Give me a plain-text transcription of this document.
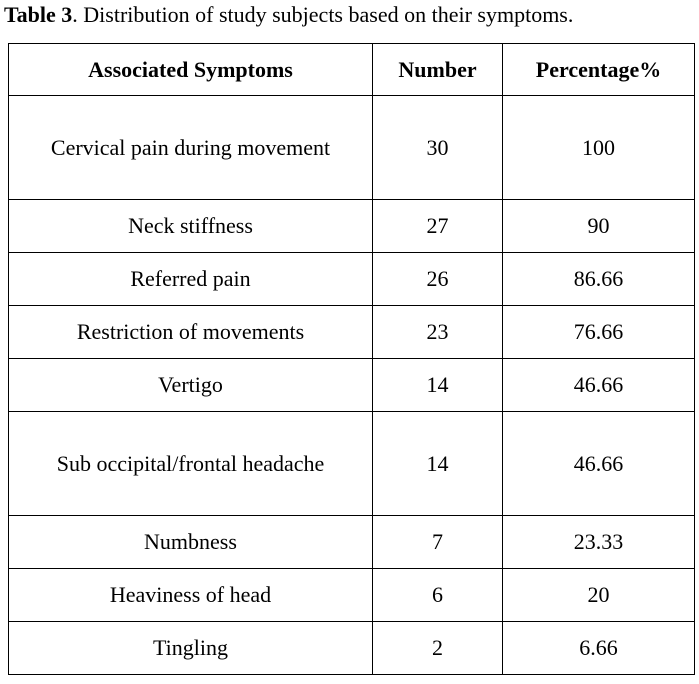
Table 3. Distribution of study subjects based on their symptoms.
Associated Symptoms	Number	Percentage%
Cervical pain during movement	30	100
Neck stiffness	27	90
Referred pain	26	86.66
Restriction of movements	23	76.66
Vertigo	14	46.66
Sub occipital/frontal headache	14	46.66
Numbness	7	23.33
Heaviness of head	6	20
Tingling	2	6.66
